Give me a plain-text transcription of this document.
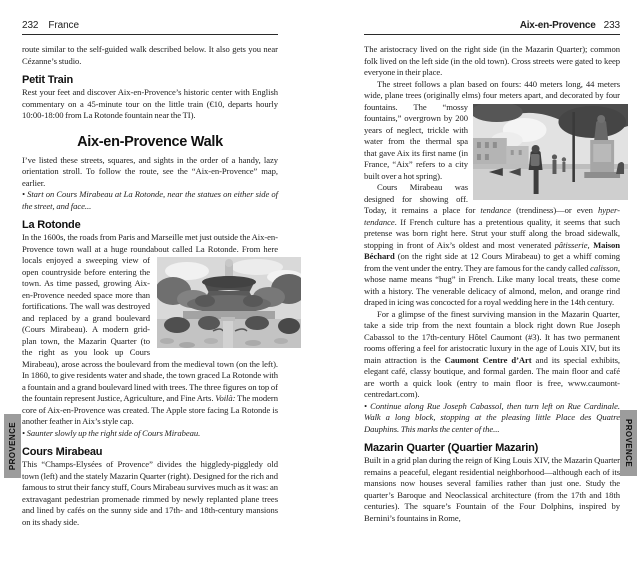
232 France

route similar to the self-guided walk described below. It also gets you near Cézanne’s studio.

Petit Train

Rest your feet and discover Aix-en-Provence’s historic center with English commentary on a 45-minute tour on the little train (€10, departs hourly 10:00-18:00 from La Rotonde fountain near the TI).

Aix-en-Provence Walk

I’ve listed these streets, squares, and sights in the order of a handy, lazy orientation stroll. To follow the route, see the “Aix-en-Provence” map, earlier.

• Start on Cours Mirabeau at La Rotonde, near the statues on either side of the street, and face...

La Rotonde

In the 1600s, the roads from Paris and Marseille met just outside the Aix-en-Provence town wall at a huge roundabout called La
Rotonde. From here locals enjoyed a sweeping view of open countryside before entering the town. As time passed, growing Aix-en-Provence needed space more than fortifications. The wall was destroyed and replaced by a grand boulevard (Cours Mirabeau). A modern grid-plan town, the Mazarin Quarter (to the right as you look up Cours Mirabeau), arose across the boulevard from the medieval town (on the left). In 1860, to give residents water and shade, the town graced La Rotonde with a fountain and a grand boulevard lined with trees. The three figures on top of the fountain represent Justice, Agriculture, and Fine Arts. Voilà: The modern core of Aix-en-Provence was created. The Apple store facing La Rotonde is another feather in Aix’s style cap.

• Saunter slowly up the right side of Cours Mirabeau.

Cours Mirabeau

This “Champs-Elysées of Provence” divides the higgledy-piggledy old town (left) and the stately Mazarin Quarter (right). Designed for the rich and famous to strut their fancy stuff, Cours Mirabeau survives much as it was: an extravagant pedestrian promenade rimmed by newly replanted plane trees and lined by cafés on the sunny side and 17th- and 18th-century mansions on its shady side.

Aix-en-Provence 233

The aristocracy lived on the right side (in the Mazarin Quarter); common folk lived on the left side (in the old town). Cross streets were gated to keep everyone in their place.

The street follows a plan based on fours: 440 meters long, 44 meters wide, plane trees (originally elms) four meters apart, and
decorated by four fountains. The “mossy fountains,” overgrown by 200 years of neglect, trickle with water from the thermal spa that gave Aix its first name (in France, “Aix” refers to a city built over a hot spring).

Cours Mirabeau was designed for showing off. Today, it remains a place for tendance (trendiness)—or even hyper-tendance. If French culture has a pretentious quality, it seems that such pretense was born right here. Strut your stuff along the broad sidewalk, stopping in front of Aix’s oldest and most venerated pâtisserie, Maison Béchard (on the right side at 12 Cours Mirabeau) to get a whiff coming from the vent under the entry. They are famous for the candy called calisson, whose name means “hug” in French. Like many local treats, these come with a history. The venerable delicacy of almond, melon, and orange rind draped in icing was concocted for a royal wedding here in the 14th century.

For a glimpse of the finest surviving mansion in the Mazarin Quarter, take a side trip from the next fountain a block right down Rue Joseph Cabassol to the 17th-century Hôtel Caumont (#3). It has two permanent rooms offering a feel for aristocratic luxury in the age of Louis XIV, but its main attraction is the Caumont Centre d’Art and its special exhibits, elegant café, classy boutique, and formal garden. The main floor and café are worth a quick look (entry to main floor is free, www.caumont-centredart.com).

• Continue along Rue Joseph Cabassol, then turn left on Rue Cardinale. Walk a long block, stopping at the pleasing little Place des Quatre Dauphins. This marks the center of the...

Mazarin Quarter (Quartier Mazarin)

Built in a grid plan during the reign of King Louis XIV, the Mazarin Quarter remains a peaceful, elegant residential neighborhood—although each of its mansions now houses several families rather than just one. Study the quarter’s Baroque and Neoclassical architecture (from the 17th and 18th centuries). The square’s Fountain of the Four Dolphins, inspired by Bernini’s fountains in Rome,

PROVENCE	PROVENCE
